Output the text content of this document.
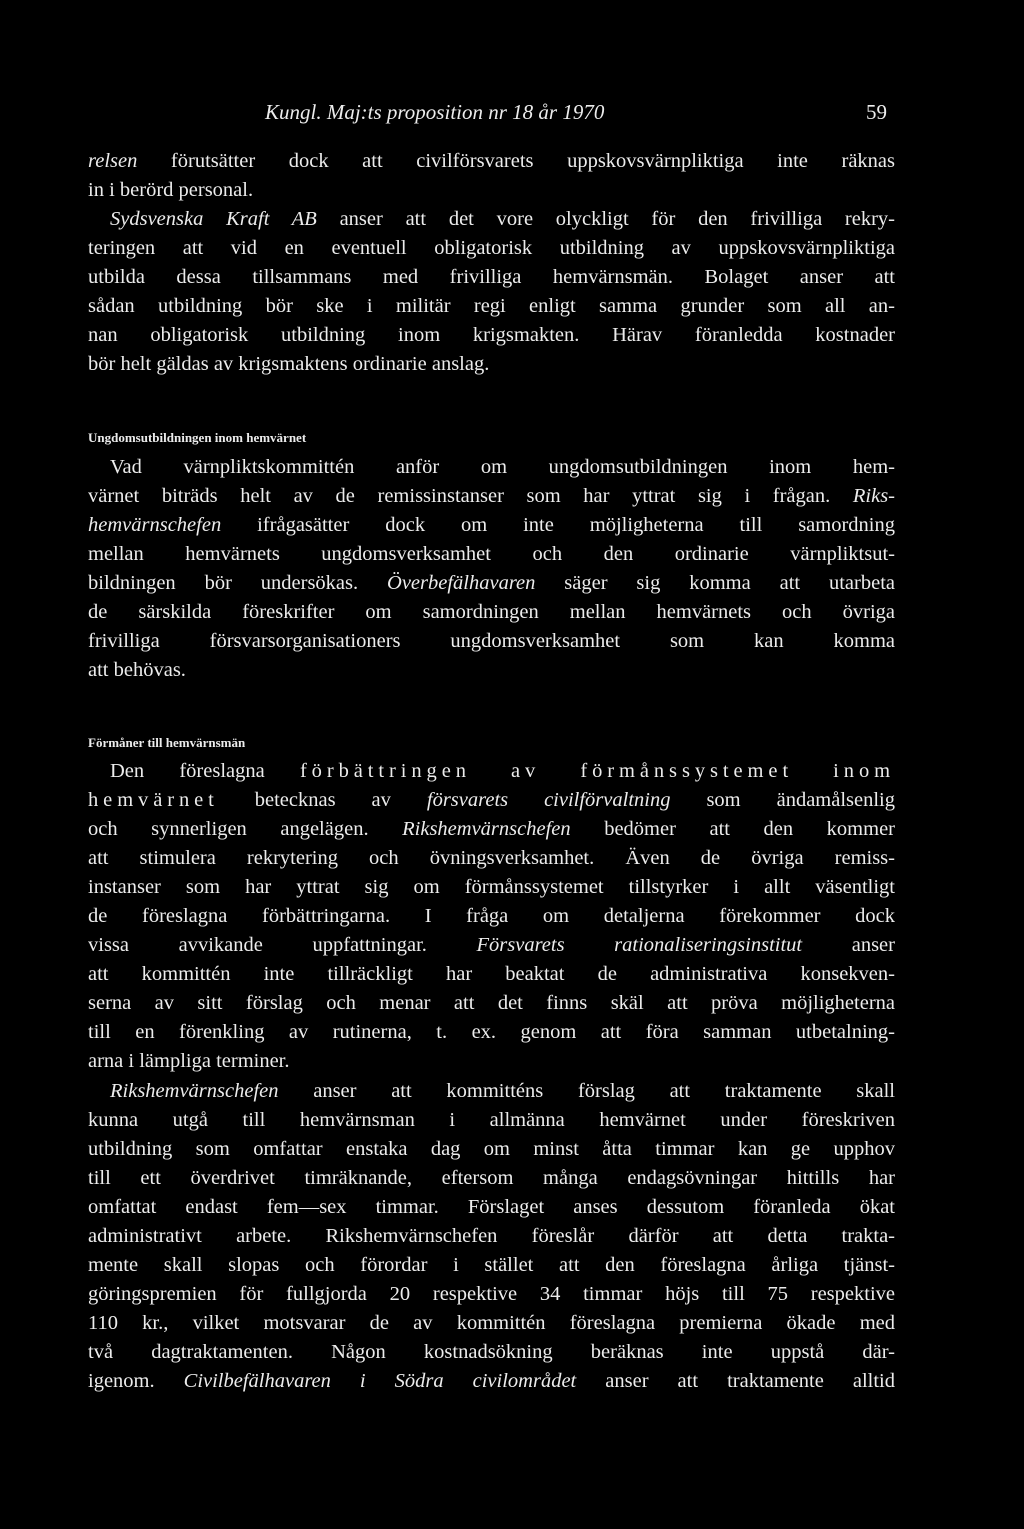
Kungl. Maj:ts proposition nr 18 år 1970	59
relsen förutsätter dock att civilförsvarets uppskovsvärnpliktiga inte räknas
in i berörd personal.
Sydsvenska Kraft AB anser att det vore olyckligt för den frivilliga rekry-
teringen att vid en eventuell obligatorisk utbildning av uppskovsvärnpliktiga
utbilda dessa tillsammans med frivilliga hemvärnsmän. Bolaget anser att
sådan utbildning bör ske i militär regi enligt samma grunder som all an-
nan obligatorisk utbildning inom krigsmakten. Härav föranledda kostnader
bör helt gäldas av krigsmaktens ordinarie anslag.
Ungdomsutbildningen inom hemvärnet
Vad värnpliktskommittén anför om ungdomsutbildningen inom hem-
värnet biträds helt av de remissinstanser som har yttrat sig i frågan. Riks-
hemvärnschefen ifrågasätter dock om inte möjligheterna till samordning
mellan hemvärnets ungdomsverksamhet och den ordinarie värnpliktsut-
bildningen bör undersökas. Överbefälhavaren säger sig komma att utarbeta
de särskilda föreskrifter om samordningen mellan hemvärnets och övriga
frivilliga försvarsorganisationers ungdomsverksamhet som kan komma
att behövas.
Förmåner till hemvärnsmän
Den föreslagna förbättringen av förmånssystemet inom
hemvärnet betecknas av försvarets civilförvaltning som ändamålsenlig
och synnerligen angelägen. Rikshemvärnschefen bedömer att den kommer
att stimulera rekrytering och övningsverksamhet. Även de övriga remiss-
instanser som har yttrat sig om förmånssystemet tillstyrker i allt väsentligt
de föreslagna förbättringarna. I fråga om detaljerna förekommer dock
vissa avvikande uppfattningar. Försvarets rationaliseringsinstitut anser
att kommittén inte tillräckligt har beaktat de administrativa konsekven-
serna av sitt förslag och menar att det finns skäl att pröva möjligheterna
till en förenkling av rutinerna, t. ex. genom att föra samman utbetalning-
arna i lämpliga terminer.
Rikshemvärnschefen anser att kommitténs förslag att traktamente skall
kunna utgå till hemvärnsman i allmänna hemvärnet under föreskriven
utbildning som omfattar enstaka dag om minst åtta timmar kan ge upphov
till ett överdrivet timräknande, eftersom många endagsövningar hittills har
omfattat endast fem—sex timmar. Förslaget anses dessutom föranleda ökat
administrativt arbete. Rikshemvärnschefen föreslår därför att detta trakta-
mente skall slopas och förordar i stället att den föreslagna årliga tjänst-
göringspremien för fullgjorda 20 respektive 34 timmar höjs till 75 respektive
110 kr., vilket motsvarar de av kommittén föreslagna premierna ökade med
två dagtraktamenten. Någon kostnadsökning beräknas inte uppstå där-
igenom. Civilbefälhavaren i Södra civilområdet anser att traktamente alltid
